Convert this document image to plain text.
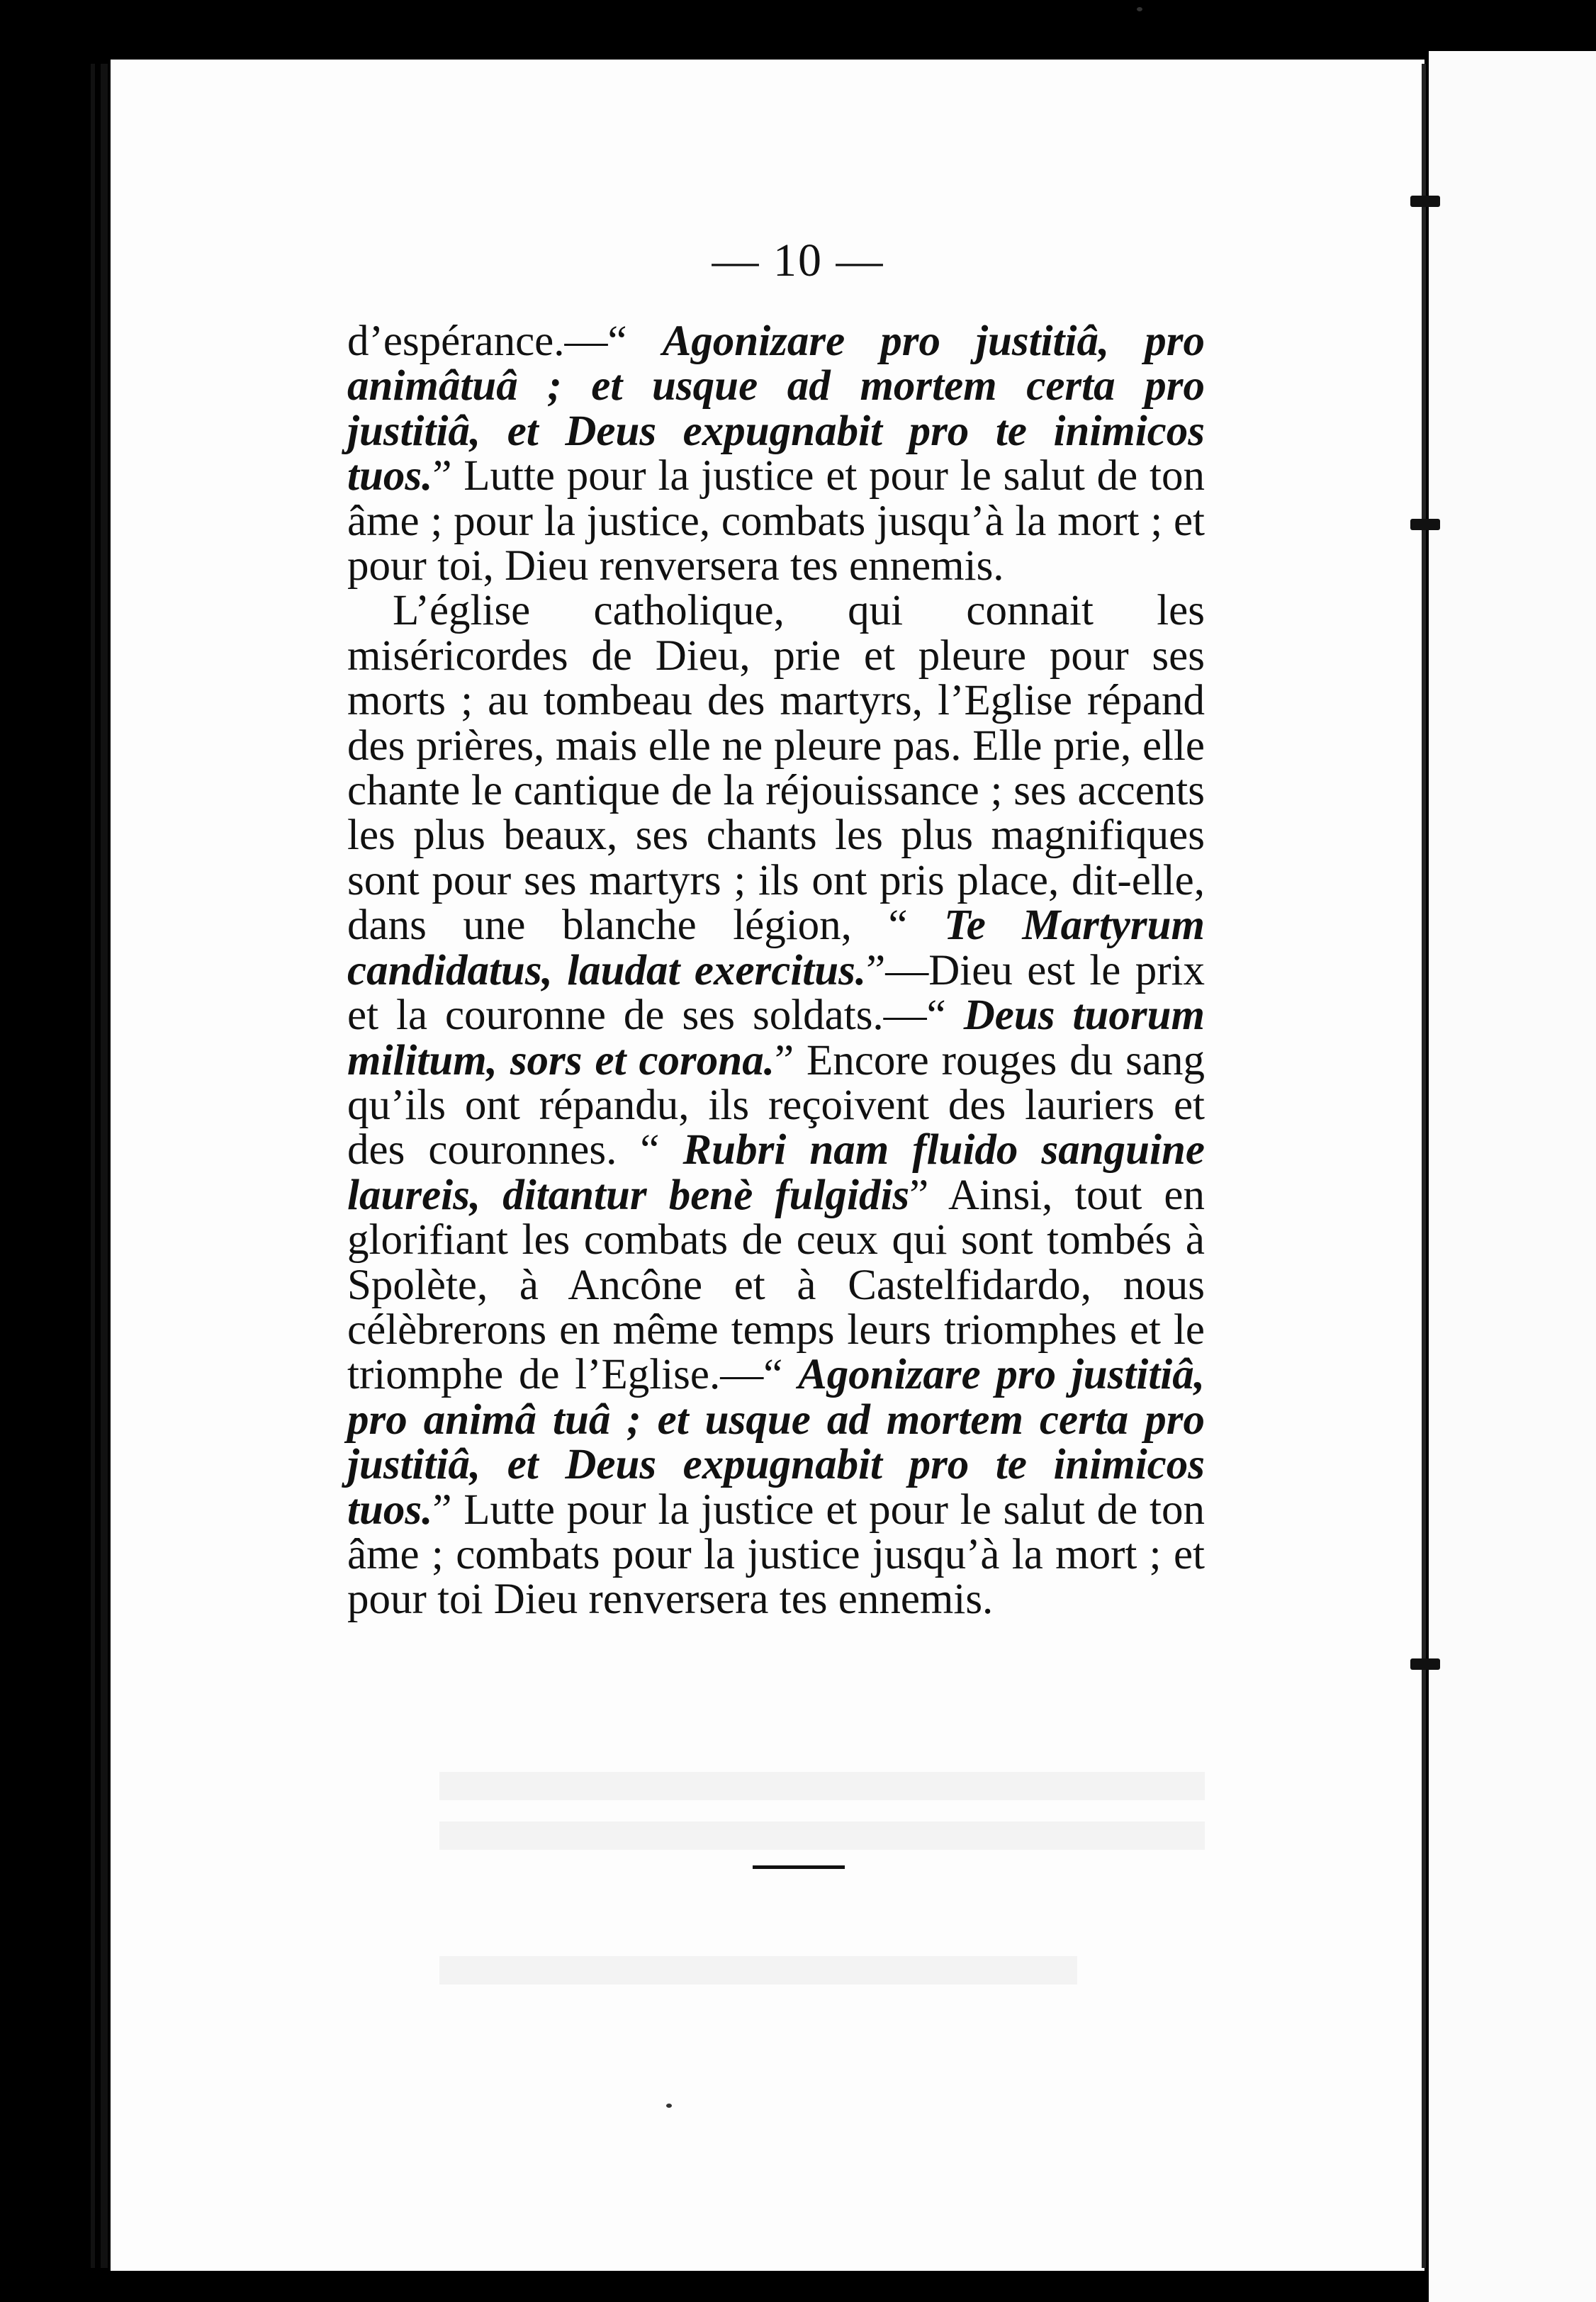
— 10 —

d’espérance.—“ Agonizare pro justitiâ, pro animâtuâ ; et usque ad mortem certa pro justitiâ, et Deus expugnabit pro te inimicos tuos.” Lutte pour la justice et pour le salut de ton âme ; pour la justice, combats jusqu’à la mort ; et pour toi, Dieu renversera tes ennemis.

L’église catholique, qui connait les miséricordes de Dieu, prie et pleure pour ses morts ; au tombeau des martyrs, l’Eglise répand des prières, mais elle ne pleure pas. Elle prie, elle chante le cantique de la réjouissance ; ses accents les plus beaux, ses chants les plus magnifiques sont pour ses martyrs ; ils ont pris place, dit-elle, dans une blanche légion, “ Te Martyrum candidatus, laudat exercitus.”—Dieu est le prix et la couronne de ses soldats.—“ Deus tuorum militum, sors et corona.” Encore rouges du sang qu’ils ont répandu, ils reçoivent des lauriers et des couronnes. “ Rubri nam fluido sanguine laureis, ditantur benè fulgidis” Ainsi, tout en glorifiant les combats de ceux qui sont tombés à Spolète, à Ancône et à Castelfidardo, nous célèbrerons en même temps leurs triomphes et le triomphe de l’Eglise.—“ Agonizare pro justitiâ, pro animâ tuâ ; et usque ad mortem certa pro justitiâ, et Deus expugnabit pro te inimicos tuos.” Lutte pour la justice et pour le salut de ton âme ; combats pour la justice jusqu’à la mort ; et pour toi Dieu renversera tes ennemis.
